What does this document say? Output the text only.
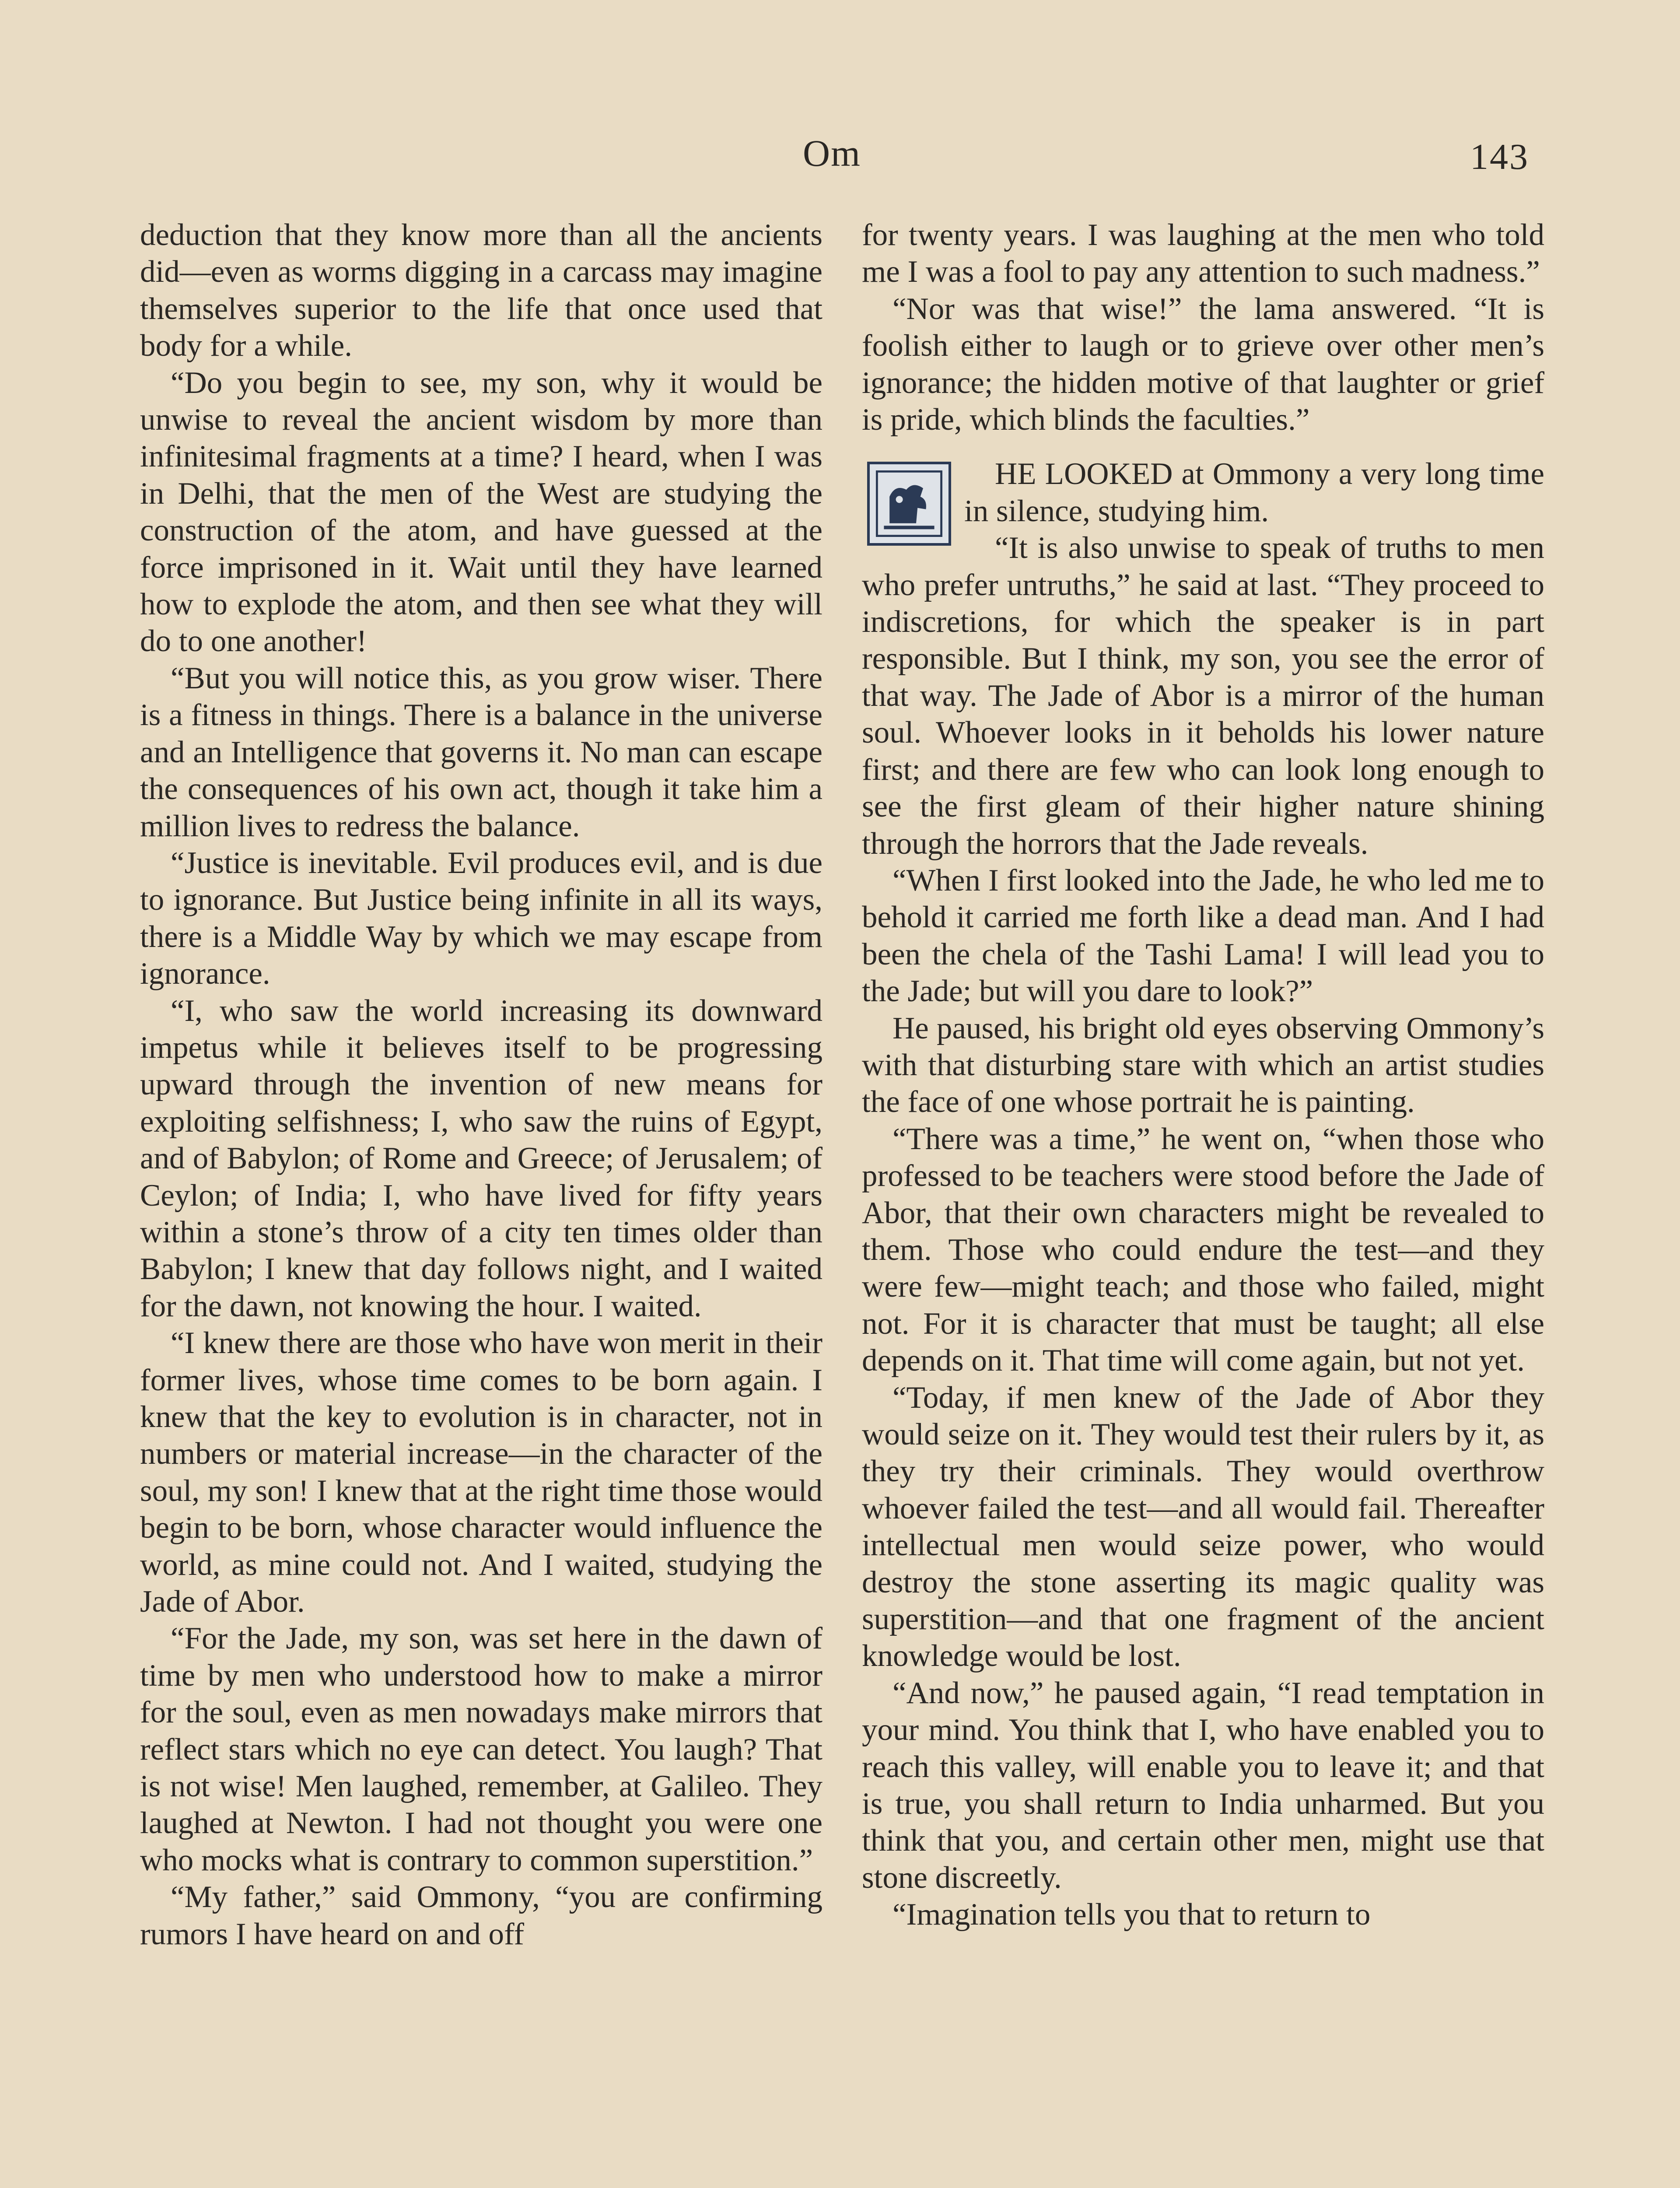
Om	143

deduction that they know more than all the ancients did—even as worms digging in a carcass may imagine themselves superior to the life that once used that body for a while.

“Do you begin to see, my son, why it would be unwise to reveal the ancient wisdom by more than infinitesimal fragments at a time? I heard, when I was in Delhi, that the men of the West are studying the construction of the atom, and have guessed at the force imprisoned in it. Wait until they have learned how to explode the atom, and then see what they will do to one another!

“But you will notice this, as you grow wiser. There is a fitness in things. There is a balance in the universe and an Intelligence that governs it. No man can escape the consequences of his own act, though it take him a million lives to redress the balance.

“Justice is inevitable. Evil produces evil, and is due to ignorance. But Justice being infinite in all its ways, there is a Middle Way by which we may escape from ignorance.

“I, who saw the world increasing its downward impetus while it believes itself to be progressing upward through the invention of new means for exploiting selfishness; I, who saw the ruins of Egypt, and of Babylon; of Rome and Greece; of Jerusalem; of Ceylon; of India; I, who have lived for fifty years within a stone’s throw of a city ten times older than Babylon; I knew that day follows night, and I waited for the dawn, not knowing the hour. I waited.

“I knew there are those who have won merit in their former lives, whose time comes to be born again. I knew that the key to evolution is in character, not in numbers or material increase—in the character of the soul, my son! I knew that at the right time those would begin to be born, whose character would influence the world, as mine could not. And I waited, studying the Jade of Abor.

“For the Jade, my son, was set here in the dawn of time by men who understood how to make a mirror for the soul, even as men nowadays make mirrors that reflect stars which no eye can detect. You laugh? That is not wise! Men laughed, remember, at Galileo. They laughed at Newton. I had not thought you were one who mocks what is contrary to common superstition.”

“My father,” said Ommony, “you are confirming rumors I have heard on and off

for twenty years. I was laughing at the men who told me I was a fool to pay any attention to such madness.”

“Nor was that wise!” the lama answered. “It is foolish either to laugh or to grieve over other men’s ignorance; the hidden motive of that laughter or grief is pride, which blinds the faculties.”

HE LOOKED at Ommony a very long time in silence, studying him.

“It is also unwise to speak of truths to men who prefer untruths,” he said at last. “They proceed to indiscretions, for which the speaker is in part responsible. But I think, my son, you see the error of that way. The Jade of Abor is a mirror of the human soul. Whoever looks in it beholds his lower nature first; and there are few who can look long enough to see the first gleam of their higher nature shining through the horrors that the Jade reveals.

“When I first looked into the Jade, he who led me to behold it carried me forth like a dead man. And I had been the chela of the Tashi Lama! I will lead you to the Jade; but will you dare to look?”

He paused, his bright old eyes observing Ommony’s with that disturbing stare with which an artist studies the face of one whose portrait he is painting.

“There was a time,” he went on, “when those who professed to be teachers were stood before the Jade of Abor, that their own characters might be revealed to them. Those who could endure the test—and they were few—might teach; and those who failed, might not. For it is character that must be taught; all else depends on it. That time will come again, but not yet.

“Today, if men knew of the Jade of Abor they would seize on it. They would test their rulers by it, as they try their criminals. They would overthrow whoever failed the test—and all would fail. Thereafter intellectual men would seize power, who would destroy the stone asserting its magic quality was superstition—and that one fragment of the ancient knowledge would be lost.

“And now,” he paused again, “I read temptation in your mind. You think that I, who have enabled you to reach this valley, will enable you to leave it; and that is true, you shall return to India unharmed. But you think that you, and certain other men, might use that stone discreetly.

“Imagination tells you that to return to
